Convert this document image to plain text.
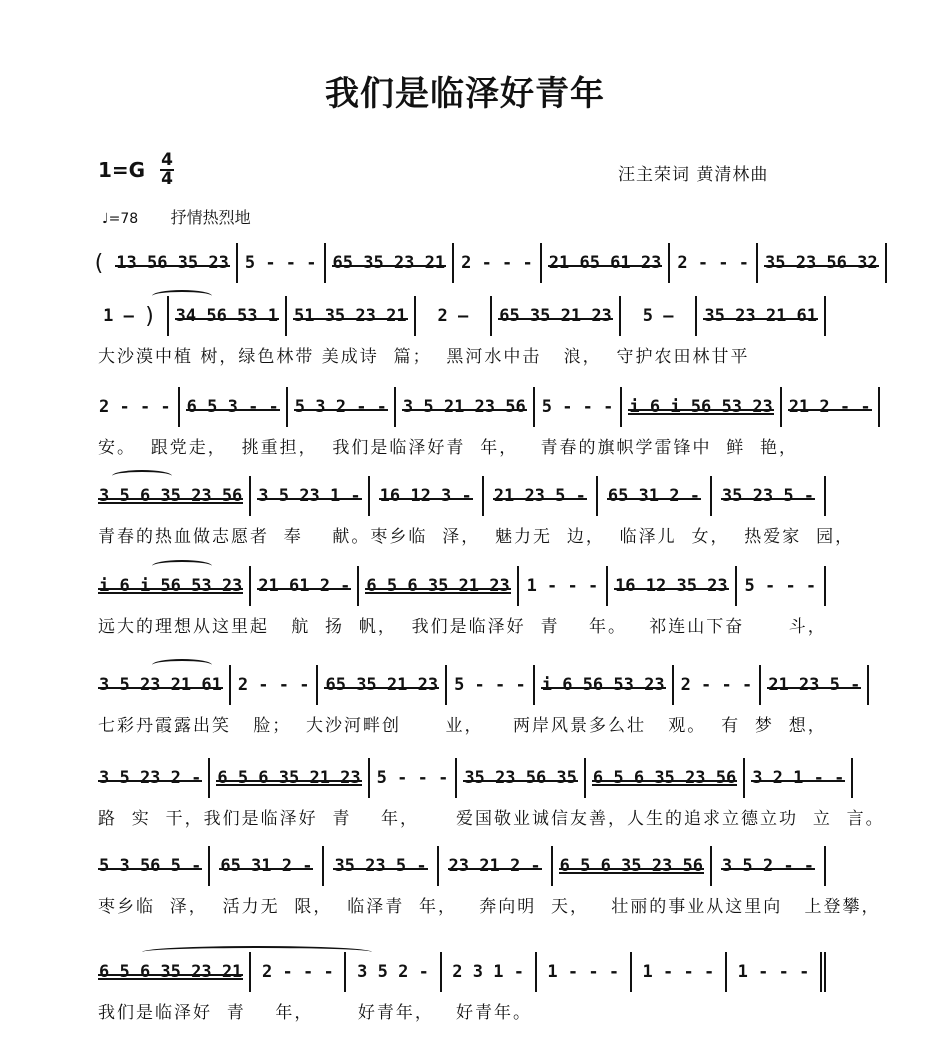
我们是临泽好青年
$1=G \frac{4}{4}$	汪主荣词 黄清林曲
♩=78 抒情热烈地
( 13 56 35 23 5 - - - 65 35 23 21 2 - - - 21 65 61 23 2 - - - 35 23 56 32
1 — ) 34 56 53 1 51 35 23 21 2 — 65 35 21 23 5 — 35 23 21 61
大沙漠中植 树，绿色林带 美成诗  篇；  黑河水中击   浪，  守护农田林甘平
2 - - - 6 5 3 - - 5 3 2 - - 3 5 21 23 56 5 - - - i 6 i 56 53 23 21 2 - -
安。  跟党走，  挑重担，  我们是临泽好青  年，   青春的旗帜学雷锋中  鲜  艳，
3 5 6 35 23 56 3 5 23 1 - 16 12 3 - 21 23 5 - 65 31 2 - 35 23 5 -
青春的热血做志愿者  奉    献。枣乡临  泽，  魅力无  边，  临泽儿  女，  热爱家  园，
i 6 i 56 53 23 21 61 2 - 6 5 6 35 21 23 1 - - - 16 12 35 23 5 - - -
远大的理想从这里起   航  扬  帆，  我们是临泽好  青    年。   祁连山下奋      斗，
3 5 23 21 61 2 - - - 65 35 21 23 5 - - - i 6 56 53 23 2 - - - 21 23 5 -
七彩丹霞露出笑   脸；  大沙河畔创      业，    两岸风景多么壮   观。  有  梦  想，
3 5 23 2 - 6 5 6 35 21 23 5 - - - 35 23 56 35 6 5 6 35 23 56 3 2 1 - -
路  实  干，我们是临泽好  青    年，     爱国敬业诚信友善，人生的追求立德立功  立  言。
5 3 56 5 - 65 31 2 - 35 23 5 - 23 21 2 - 6 5 6 35 23 56 3 5 2 - -
枣乡临  泽，  活力无  限，  临泽青  年，   奔向明  天，   壮丽的事业从这里向   上登攀，
6 5 6 35 23 21 2 - - - 3 5 2 - 2 3 1 - 1 - - - 1 - - - 1 - - -
我们是临泽好  青    年，      好青年，   好青年。
